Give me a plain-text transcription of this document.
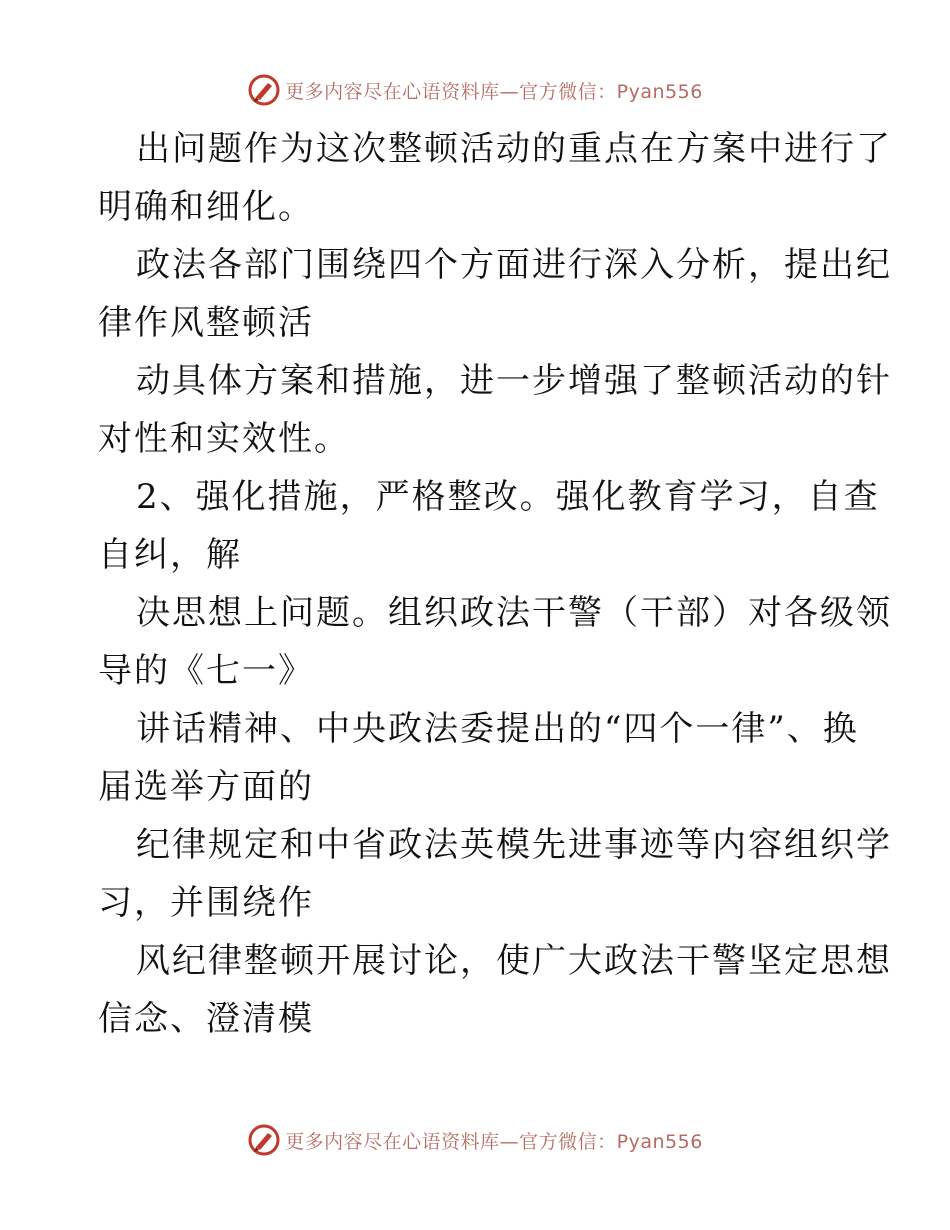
更多内容尽在心语资料库—官方微信：Pyan556

出问题作为这次整顿活动的重点在方案中进行了
明确和细化。

政法各部门围绕四个方面进行深入分析，提出纪
律作风整顿活

动具体方案和措施，进一步增强了整顿活动的针
对性和实效性。

2、强化措施，严格整改。强化教育学习，自查
自纠，解

决思想上问题。组织政法干警（干部）对各级领
导的《七一》

讲话精神、中央政法委提出的“四个一律”、换
届选举方面的

纪律规定和中省政法英模先进事迹等内容组织学
习，并围绕作

风纪律整顿开展讨论，使广大政法干警坚定思想
信念、澄清模

更多内容尽在心语资料库—官方微信：Pyan556
